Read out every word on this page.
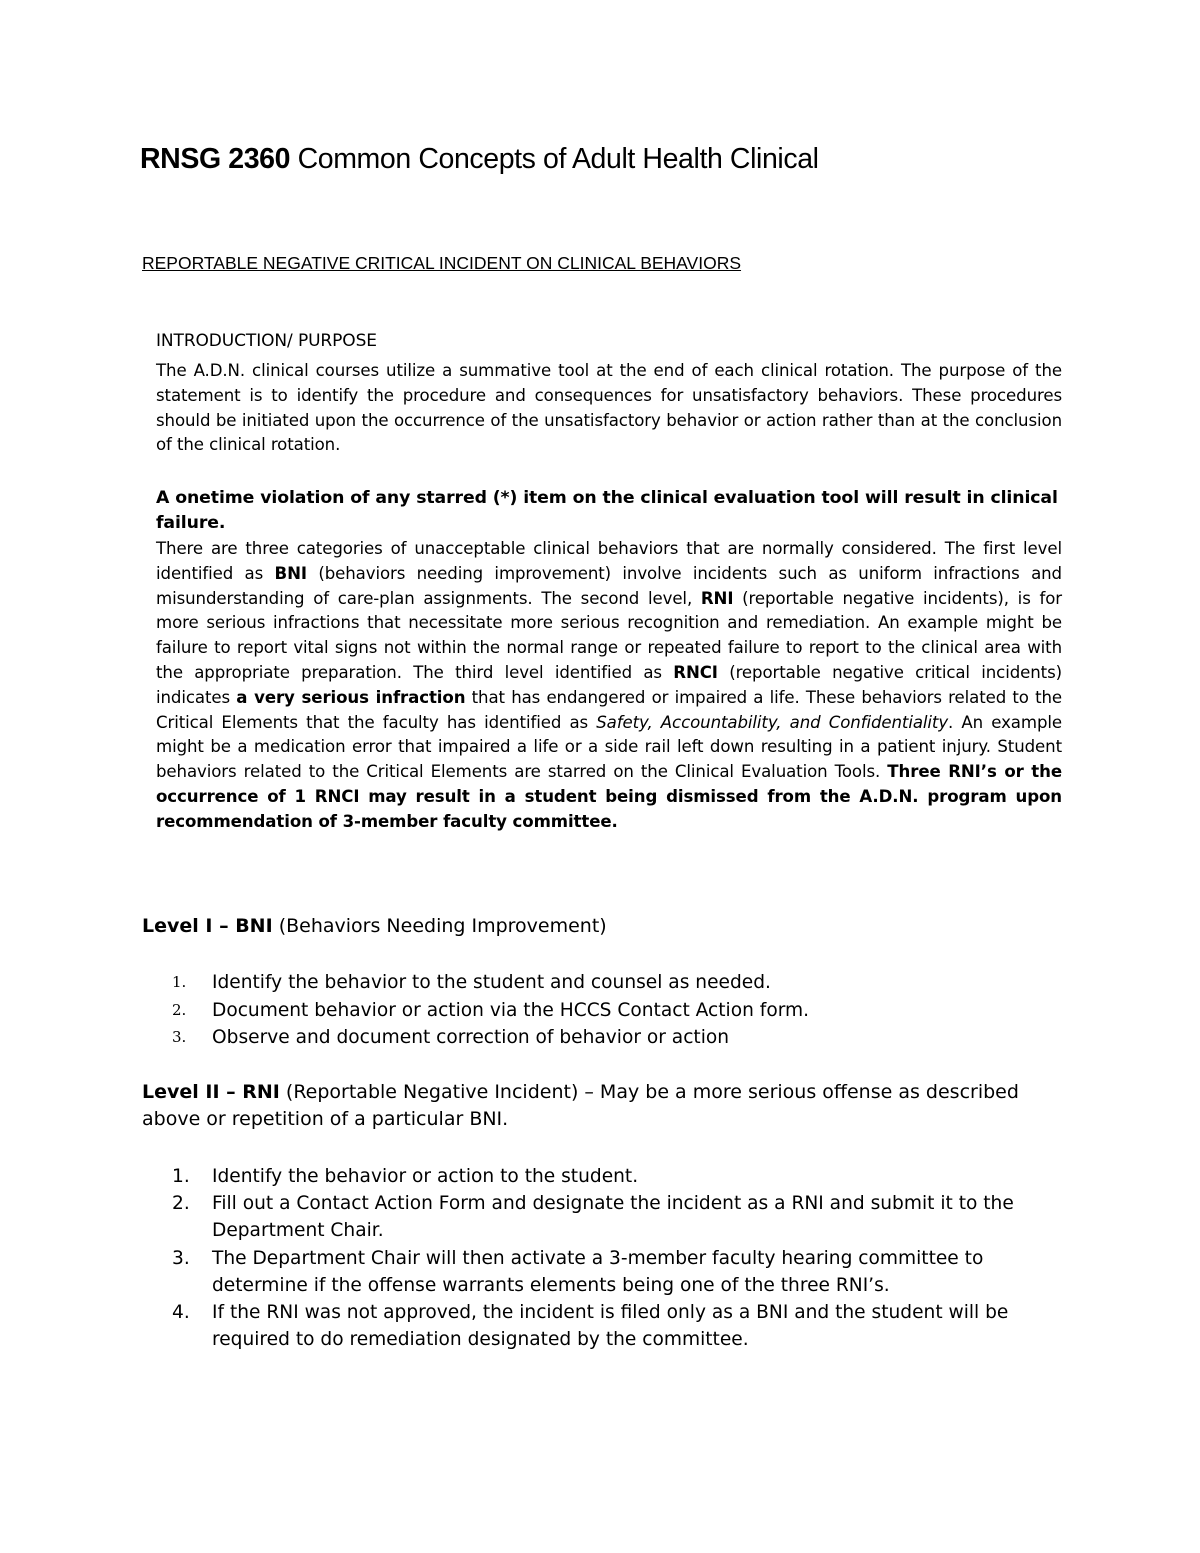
RNSG 2360 Common Concepts of Adult Health Clinical
REPORTABLE NEGATIVE CRITICAL INCIDENT ON CLINICAL BEHAVIORS
INTRODUCTION/ PURPOSE
The A.D.N. clinical courses utilize a summative tool at the end of each clinical rotation. The purpose of the statement is to identify the procedure and consequences for unsatisfactory behaviors. These procedures should be initiated upon the occurrence of the unsatisfactory behavior or action rather than at the conclusion of the clinical rotation.
A onetime violation of any starred (*) item on the clinical evaluation tool will result in clinical failure.
There are three categories of unacceptable clinical behaviors that are normally considered. The first level identified as BNI (behaviors needing improvement) involve incidents such as uniform infractions and misunderstanding of care-plan assignments. The second level, RNI (reportable negative incidents), is for more serious infractions that necessitate more serious recognition and remediation. An example might be failure to report vital signs not within the normal range or repeated failure to report to the clinical area with the appropriate preparation. The third level identified as RNCI (reportable negative critical incidents) indicates a very serious infraction that has endangered or impaired a life. These behaviors related to the Critical Elements that the faculty has identified as Safety, Accountability, and Confidentiality. An example might be a medication error that impaired a life or a side rail left down resulting in a patient injury. Student behaviors related to the Critical Elements are starred on the Clinical Evaluation Tools. Three RNI’s or the occurrence of 1 RNCI may result in a student being dismissed from the A.D.N. program upon recommendation of 3-member faculty committee.
Level I – BNI (Behaviors Needing Improvement)
1. Identify the behavior to the student and counsel as needed.
2. Document behavior or action via the HCCS Contact Action form.
3. Observe and document correction of behavior or action
Level II – RNI (Reportable Negative Incident) – May be a more serious offense as described above or repetition of a particular BNI.
1. Identify the behavior or action to the student.
2. Fill out a Contact Action Form and designate the incident as a RNI and submit it to the Department Chair.
3. The Department Chair will then activate a 3-member faculty hearing committee to determine if the offense warrants elements being one of the three RNI’s.
4. If the RNI was not approved, the incident is filed only as a BNI and the student will be required to do remediation designated by the committee.
